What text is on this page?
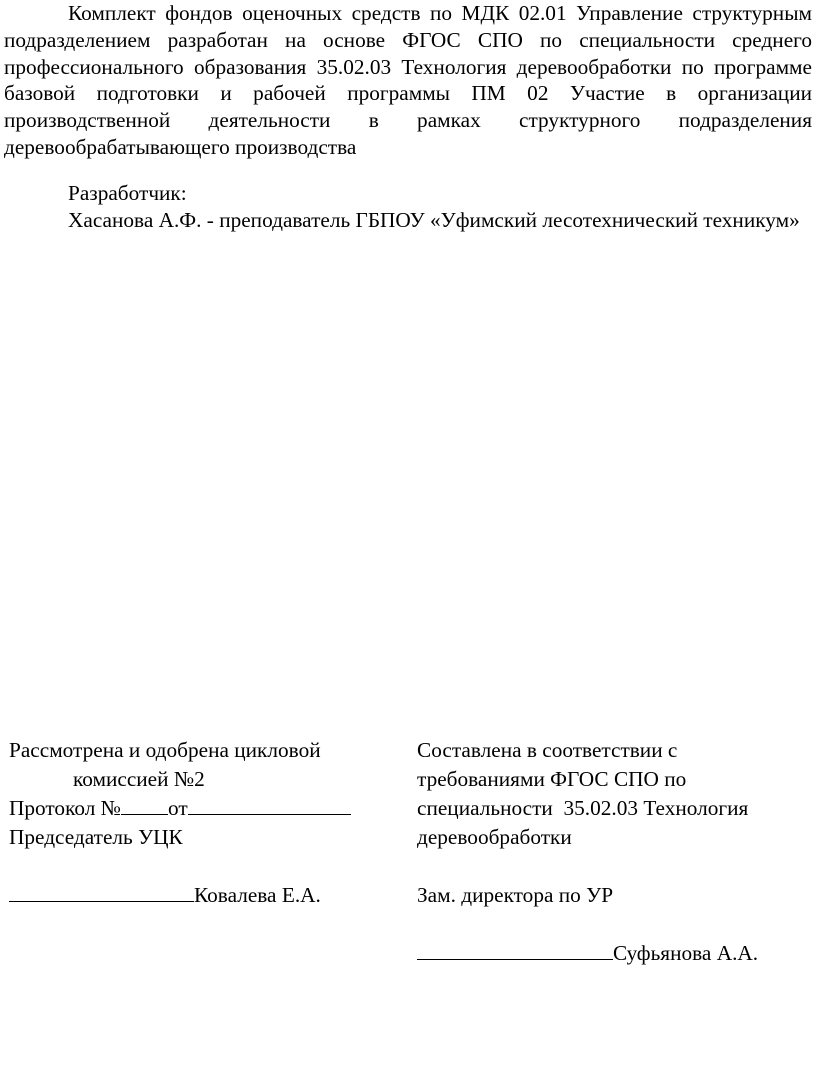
Комплект фондов оценочных средств по МДК 02.01 Управление структурным подразделением разработан на основе ФГОС СПО по специальности среднего профессионального образования 35.02.03 Технология деревообработки по программе базовой подготовки и рабочей программы ПМ 02 Участие в организации производственной деятельности в рамках структурного подразделения деревообрабатывающего производства

Разработчик:

Хасанова А.Ф. - преподаватель ГБПОУ «Уфимский лесотехнический техникум»

Рассмотрена и одобрена цикловой
комиссией №2
Протокол № от
Председатель УЦК
Ковалева Е.А.
Составлена в соответствии с
требованиями ФГОС СПО по
специальности  35.02.03 Технология
деревообработки
Зам. директора по УР
Суфьянова А.А.
